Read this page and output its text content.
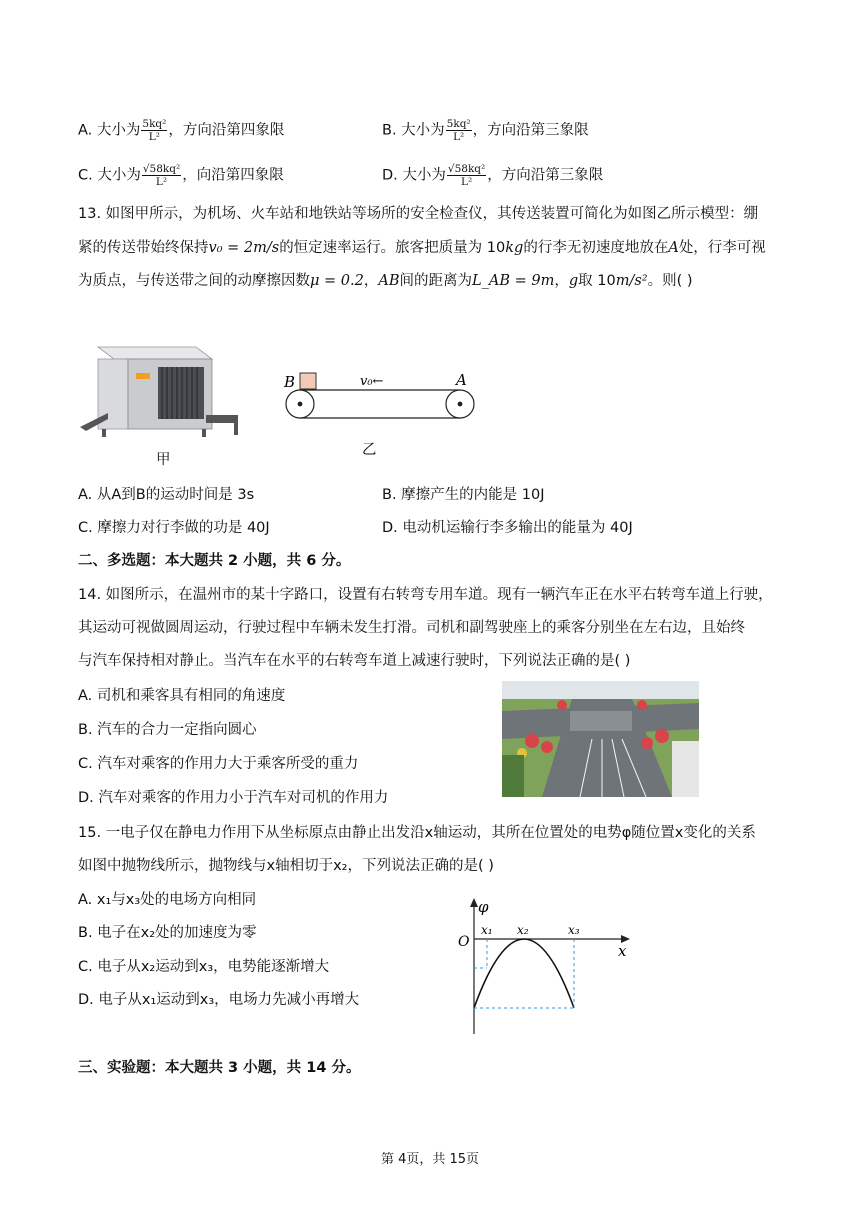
A. 大小为 $\frac{\text{5kq²}}{\text{L²}}$ ，方向沿第四象限	B. 大小为 $\frac{\text{5kq²}}{\text{L²}}$ ，方向沿第三象限
C. 大小为 $\frac{\text{√58kq²}}{\text{L²}}$ ，向沿第四象限	D. 大小为 $\frac{\text{√58kq²}}{\text{L²}}$ ，方向沿第三象限
13. 如图甲所示，为机场、火车站和地铁站等场所的安全检查仪，其传送装置可简化为如图乙所示模型：绷
紧的传送带始终保持v₀ = 2m/s的恒定速率运行。旅客把质量为 10kg的行李无初速度地放在A处，行李可视
为质点，与传送带之间的动摩擦因数μ = 0.2，AB间的距离为L_AB = 9m，g取 10m/s²。则( )
甲
B	A
v₀←
乙
A. 从A到B的运动时间是 3s	B. 摩擦产生的内能是 10J
C. 摩擦力对行李做的功是 40J	D. 电动机运输行李多输出的能量为 40J
二、多选题：本大题共 2 小题，共 6 分。
14. 如图所示，在温州市的某十字路口，设置有右转弯专用车道。现有一辆汽车正在水平右转弯车道上行驶，
其运动可视做圆周运动，行驶过程中车辆未发生打滑。司机和副驾驶座上的乘客分别坐在左右边，且始终
与汽车保持相对静止。当汽车在水平的右转弯车道上减速行驶时，下列说法正确的是( )
A. 司机和乘客具有相同的角速度
B. 汽车的合力一定指向圆心
C. 汽车对乘客的作用力大于乘客所受的重力
D. 汽车对乘客的作用力小于汽车对司机的作用力
15. 一电子仅在静电力作用下从坐标原点由静止出发沿x轴运动，其所在位置处的电势φ随位置x变化的关系
如图中抛物线所示，抛物线与x轴相切于x₂，下列说法正确的是( )
A. x₁与x₃处的电场方向相同
B. 电子在x₂处的加速度为零
C. 电子从x₂运动到x₃，电势能逐渐增大
D. 电子从x₁运动到x₃，电场力先减小再增大
φ
O	x
x₁ x₂	x₃
三、实验题：本大题共 3 小题，共 14 分。
第 4页，共 15页
